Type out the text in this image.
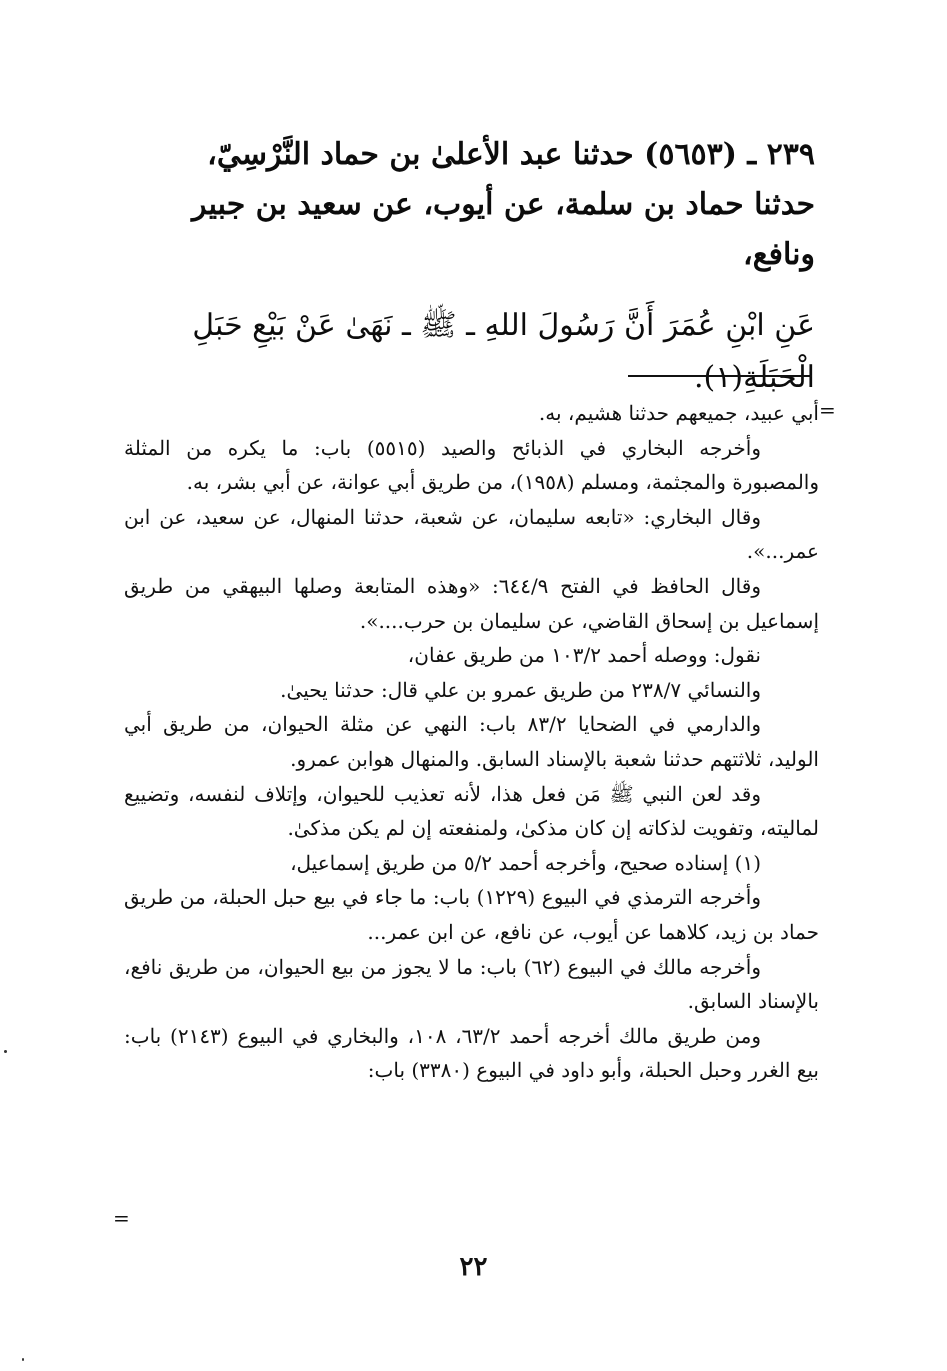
٢٣٩ ـ (٥٦٥٣) حدثنا عبد الأعلىٰ بن حماد النَّرْسِيّ،

حدثنا حماد بن سلمة، عن أيوب، عن سعيد بن جبير ونافع،

عَنِ ابْنِ عُمَرَ أَنَّ رَسُولَ اللهِ ـ ﷺ ـ نَهَىٰ عَنْ بَيْعِ حَبَلِ الْحَبَلَةِ(١).

=

أبي عبيد، جميعهم حدثنا هشيم، به.

وأخرجه البخاري في الذبائح والصيد (٥٥١٥) باب: ما يكره من المثلة والمصبورة والمجثمة، ومسلم (١٩٥٨)، من طريق أبي عوانة، عن أبي بشر، به.

وقال البخاري: «تابعه سليمان، عن شعبة، حدثنا المنهال، عن سعيد، عن ابن عمر...».

وقال الحافظ في الفتح ٦٤٤/٩: «وهذه المتابعة وصلها البيهقي من طريق إسماعيل بن إسحاق القاضي، عن سليمان بن حرب....».

نقول: ووصله أحمد ١٠٣/٢ من طريق عفان،

والنسائي ٢٣٨/٧ من طريق عمرو بن علي قال: حدثنا يحيىٰ.

والدارمي في الضحايا ٨٣/٢ باب: النهي عن مثلة الحيوان، من طريق أبي الوليد، ثلاثتهم حدثنا شعبة بالإسناد السابق. والمنهال هوابن عمرو.

وقد لعن النبي ﷺ مَن فعل هذا، لأنه تعذيب للحيوان، وإتلاف لنفسه، وتضييع لماليته، وتفويت لذكاته إن كان مذكىٰ، ولمنفعته إن لم يكن مذكىٰ.

(١) إسناده صحيح، وأخرجه أحمد ٥/٢ من طريق إسماعيل،

وأخرجه الترمذي في البيوع (١٢٢٩) باب: ما جاء في بيع حبل الحبلة، من طريق حماد بن زيد، كلاهما عن أيوب، عن نافع، عن ابن عمر...

وأخرجه مالك في البيوع (٦٢) باب: ما لا يجوز من بيع الحيوان، من طريق نافع، بالإسناد السابق.

ومن طريق مالك أخرجه أحمد ٦٣/٢، ١٠٨، والبخاري في البيوع (٢١٤٣) باب: بيع الغرر وحبل الحبلة، وأبو داود في البيوع (٣٣٨٠) باب:

=
٢٢
